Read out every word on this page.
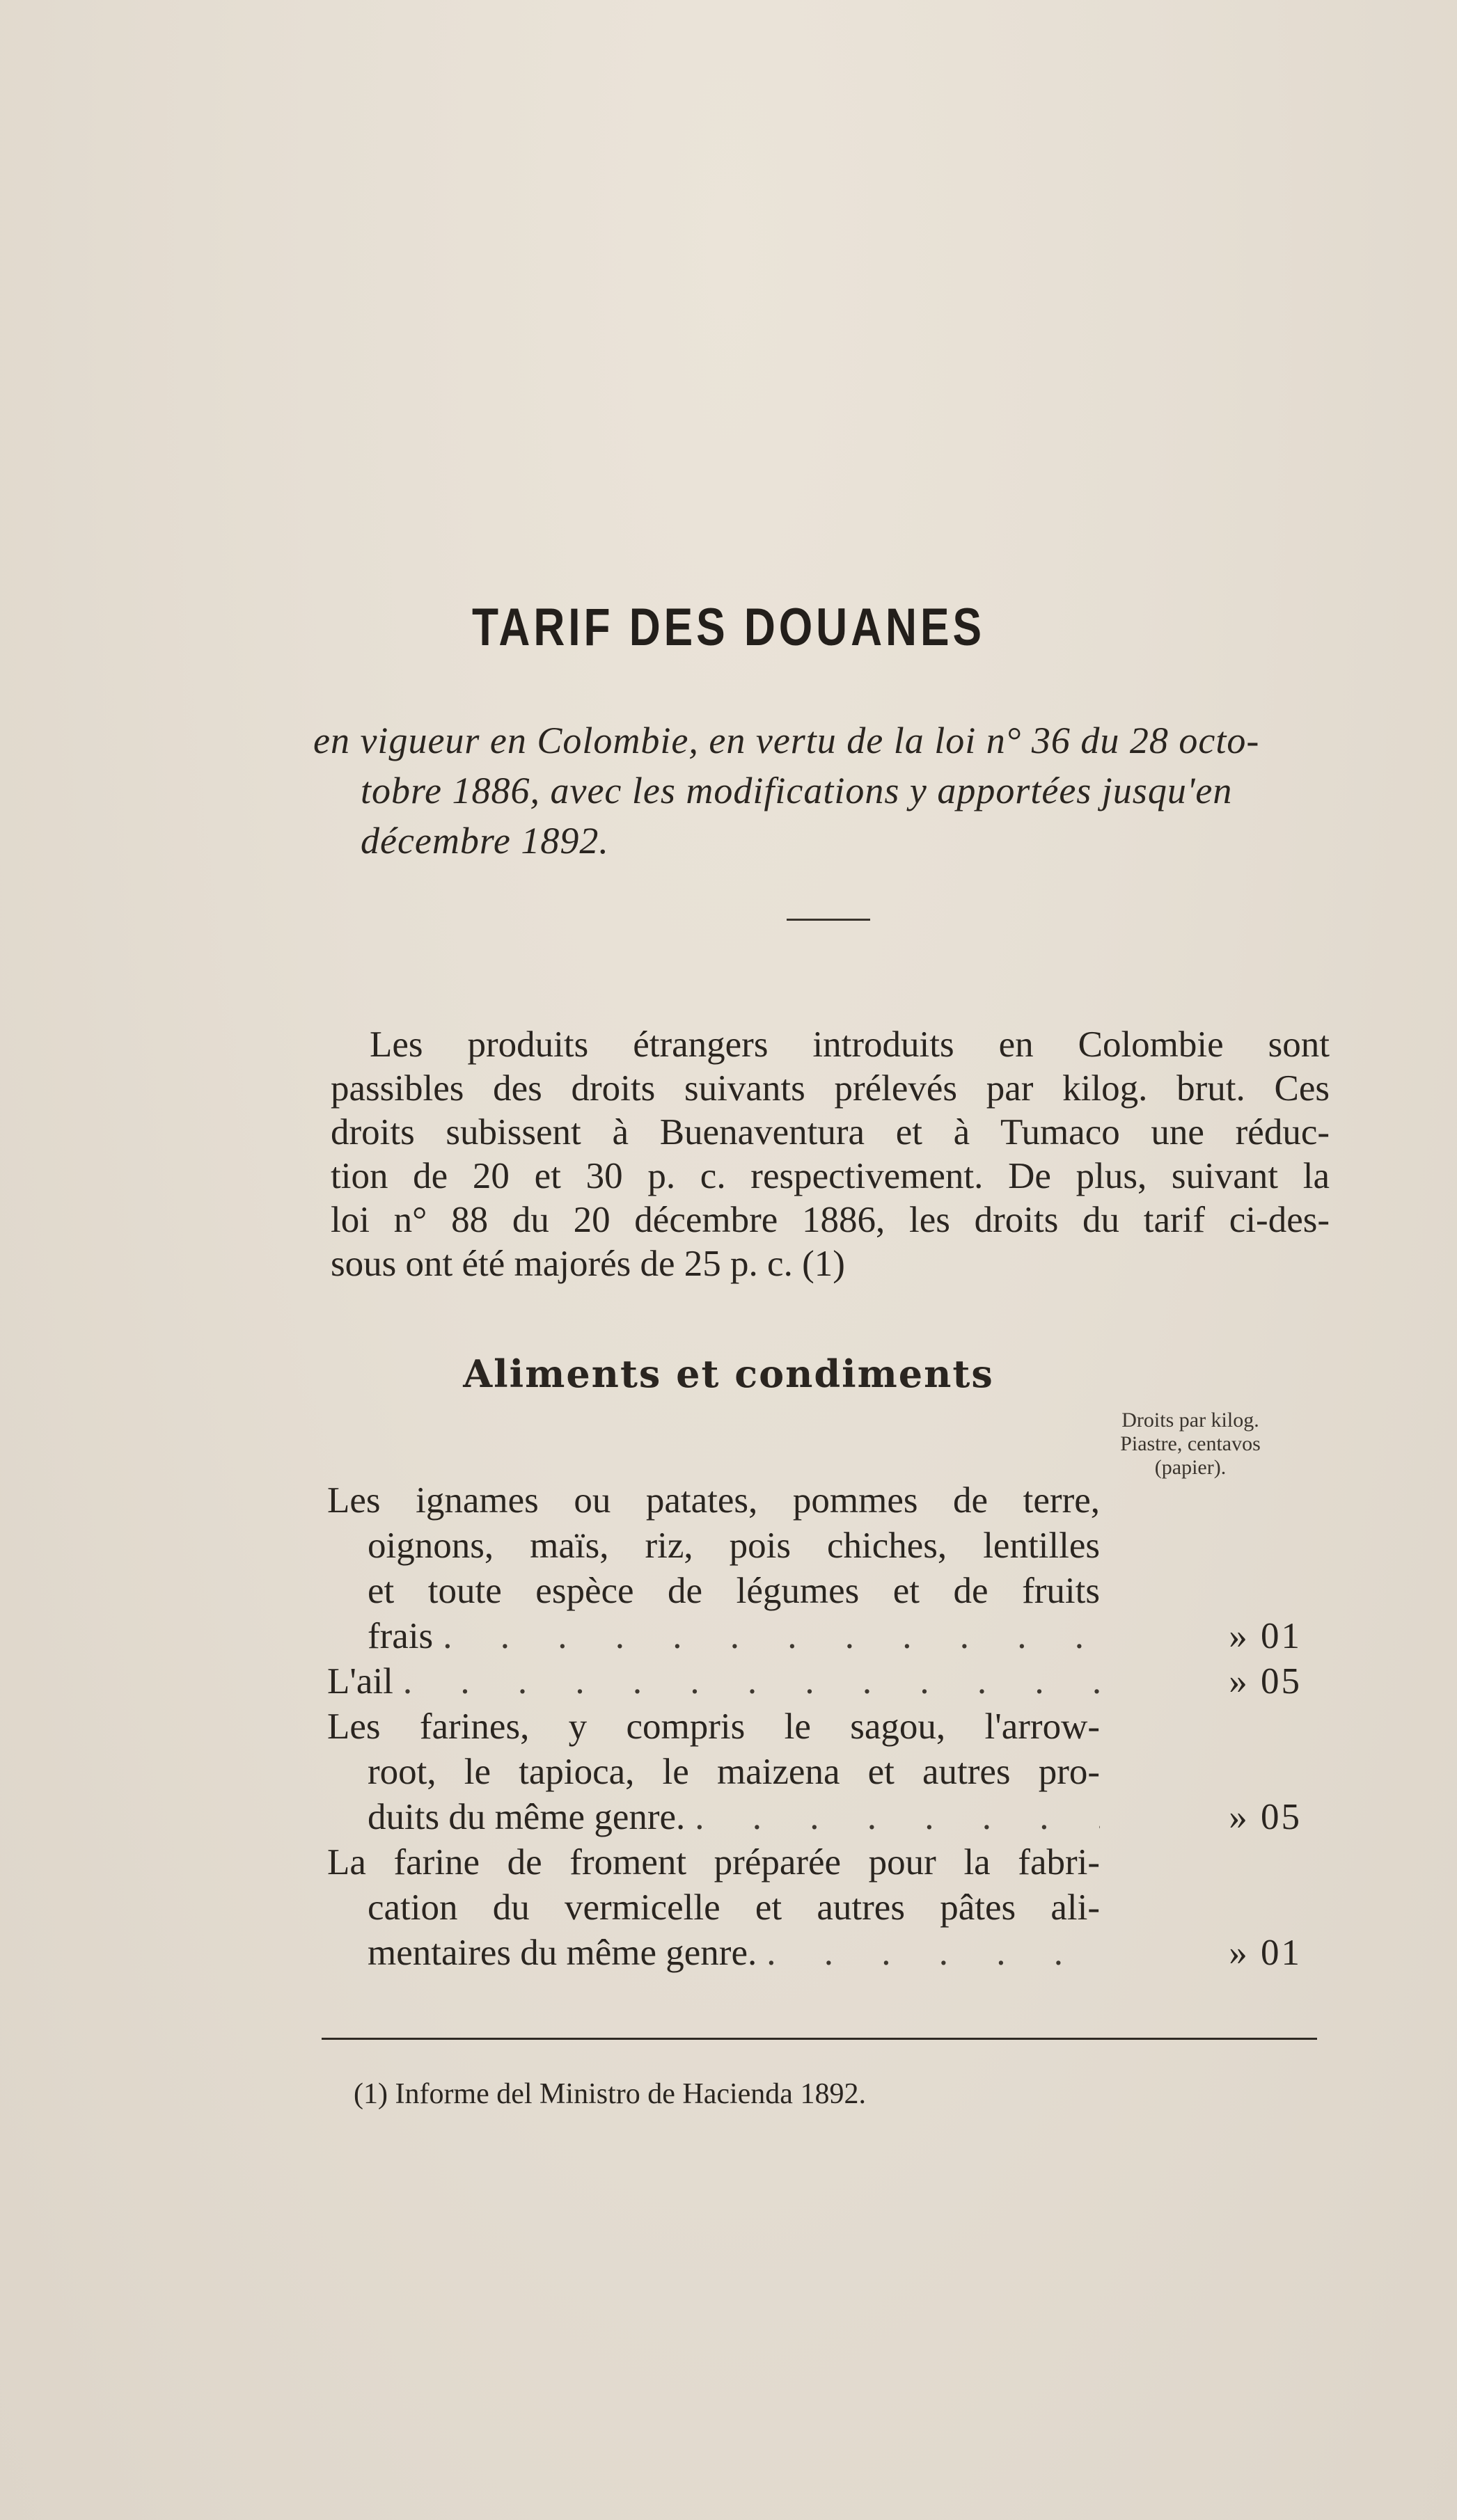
TARIF DES DOUANES
en vigueur en Colombie, en vertu de la loi n° 36 du 28 octo-
tobre 1886, avec les modifications y apportées jusqu'en
décembre 1892.
Les produits étrangers introduits en Colombie sont
passibles des droits suivants prélevés par kilog. brut. Ces
droits subissent à Buenaventura et à Tumaco une réduc-
tion de 20 et 30 p. c. respectivement. De plus, suivant la
loi n° 88 du 20 décembre 1886, les droits du tarif ci-des-
sous ont été majorés de 25 p. c. (1)
Aliments et condiments
Droits par kilog.
Piastre, centavos
(papier).
Les ignames ou patates, pommes de terre,
oignons, maïs, riz, pois chiches, lentilles
et toute espèce de légumes et de fruits
frais . . .	» 01
L'ail . . .	» 05
Les farines, y compris le sagou, l'arrow-
root, le tapioca, le maizena et autres pro-
duits du même genre. . . .	» 05
La farine de froment préparée pour la fabri-
cation du vermicelle et autres pâtes ali-
mentaires du même genre. . . .	» 01
(1) Informe del Ministro de Hacienda 1892.
